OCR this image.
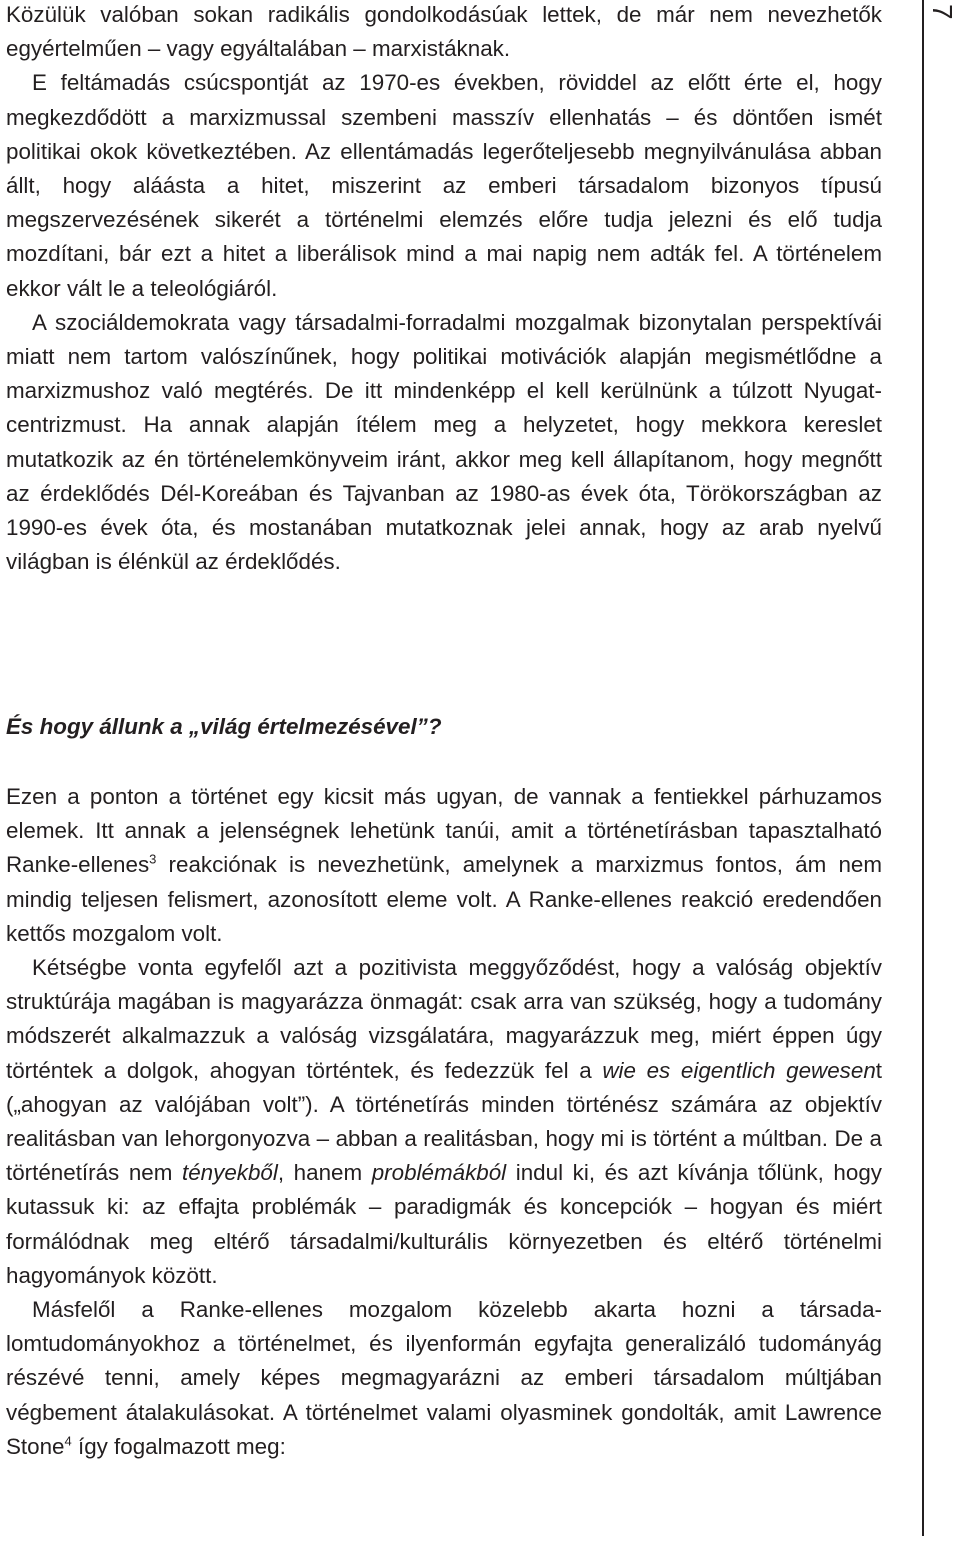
Közülük valóban sokan radikális gondolkodásúak lettek, de már nem nevezhetők egyértelműen – vagy egyáltalában – marxistáknak.

E feltámadás csúcspontját az 1970-es években, röviddel az előtt érte el, hogy megkezdődött a marxizmussal szembeni masszív ellenhatás – és döntően ismét politikai okok következtében. Az ellentámadás legerőteljesebb megnyilvánulása abban állt, hogy aláásta a hitet, miszerint az emberi társadalom bizonyos típusú megszervezésének sikerét a történelmi elemzés előre tudja jelezni és elő tudja mozdítani, bár ezt a hitet a liberálisok mind a mai napig nem adták fel. A történelem ekkor vált le a teleológiáról.

A szociáldemokrata vagy társadalmi-forradalmi mozgalmak bizonytalan perspektívái miatt nem tartom valószínűnek, hogy politikai motivációk alapján megismétlődne a marxizmushoz való megtérés. De itt mindenképp el kell kerülnünk a túlzott Nyugat-centrizmust. Ha annak alapján ítélem meg a helyzetet, hogy mekkora kereslet mutatkozik az én történelemkönyveim iránt, akkor meg kell állapítanom, hogy megnőtt az érdeklődés Dél-Koreában és Tajvanban az 1980-as évek óta, Törökországban az 1990-es évek óta, és mostanában mutatkoznak jelei annak, hogy az arab nyelvű világban is élénkül az érdeklődés.

És hogy állunk a „világ értelmezésével”?

Ezen a ponton a történet egy kicsit más ugyan, de vannak a fentiekkel párhuzamos elemek. Itt annak a jelenségnek lehetünk tanúi, amit a történetírásban tapasztalható Ranke-ellenes$^3$ reakciónak is nevezhetünk, amelynek a marxizmus fontos, ám nem mindig teljesen felismert, azonosított eleme volt. A Ranke-ellenes reakció eredendően kettős mozgalom volt.

Kétségbe vonta egyfelől azt a pozitivista meggyőződést, hogy a valóság objektív struktúrája magában is magyarázza önmagát: csak arra van szükség, hogy a tudomány módszerét alkalmazzuk a valóság vizsgálatára, magyarázzuk meg, miért éppen úgy történtek a dolgok, ahogyan történtek, és fedezzük fel a wie es eigentlich gewesent („ahogyan az valójában volt”). A történetírás minden történész számára az objektív realitásban van lehorgonyozva – abban a realitásban, hogy mi is történt a múltban. De a történetírás nem tényekből, hanem problémákból indul ki, és azt kívánja tőlünk, hogy kutassuk ki: az effajta problémák – paradigmák és koncepciók – hogyan és miért formálódnak meg eltérő társadalmi/kulturális környezetben és eltérő történelmi hagyományok között.

Másfelől a Ranke-ellenes mozgalom közelebb akarta hozni a társadalomtudományokhoz a történelmet, és ilyenformán egyfajta generalizáló tudományág részévé tenni, amely képes megmagyarázni az emberi társadalom múltjában végbement átalakulásokat. A történelmet valami olyasminek gondolták, amit Lawrence Stone$^4$ így fogalmazott meg:

7
